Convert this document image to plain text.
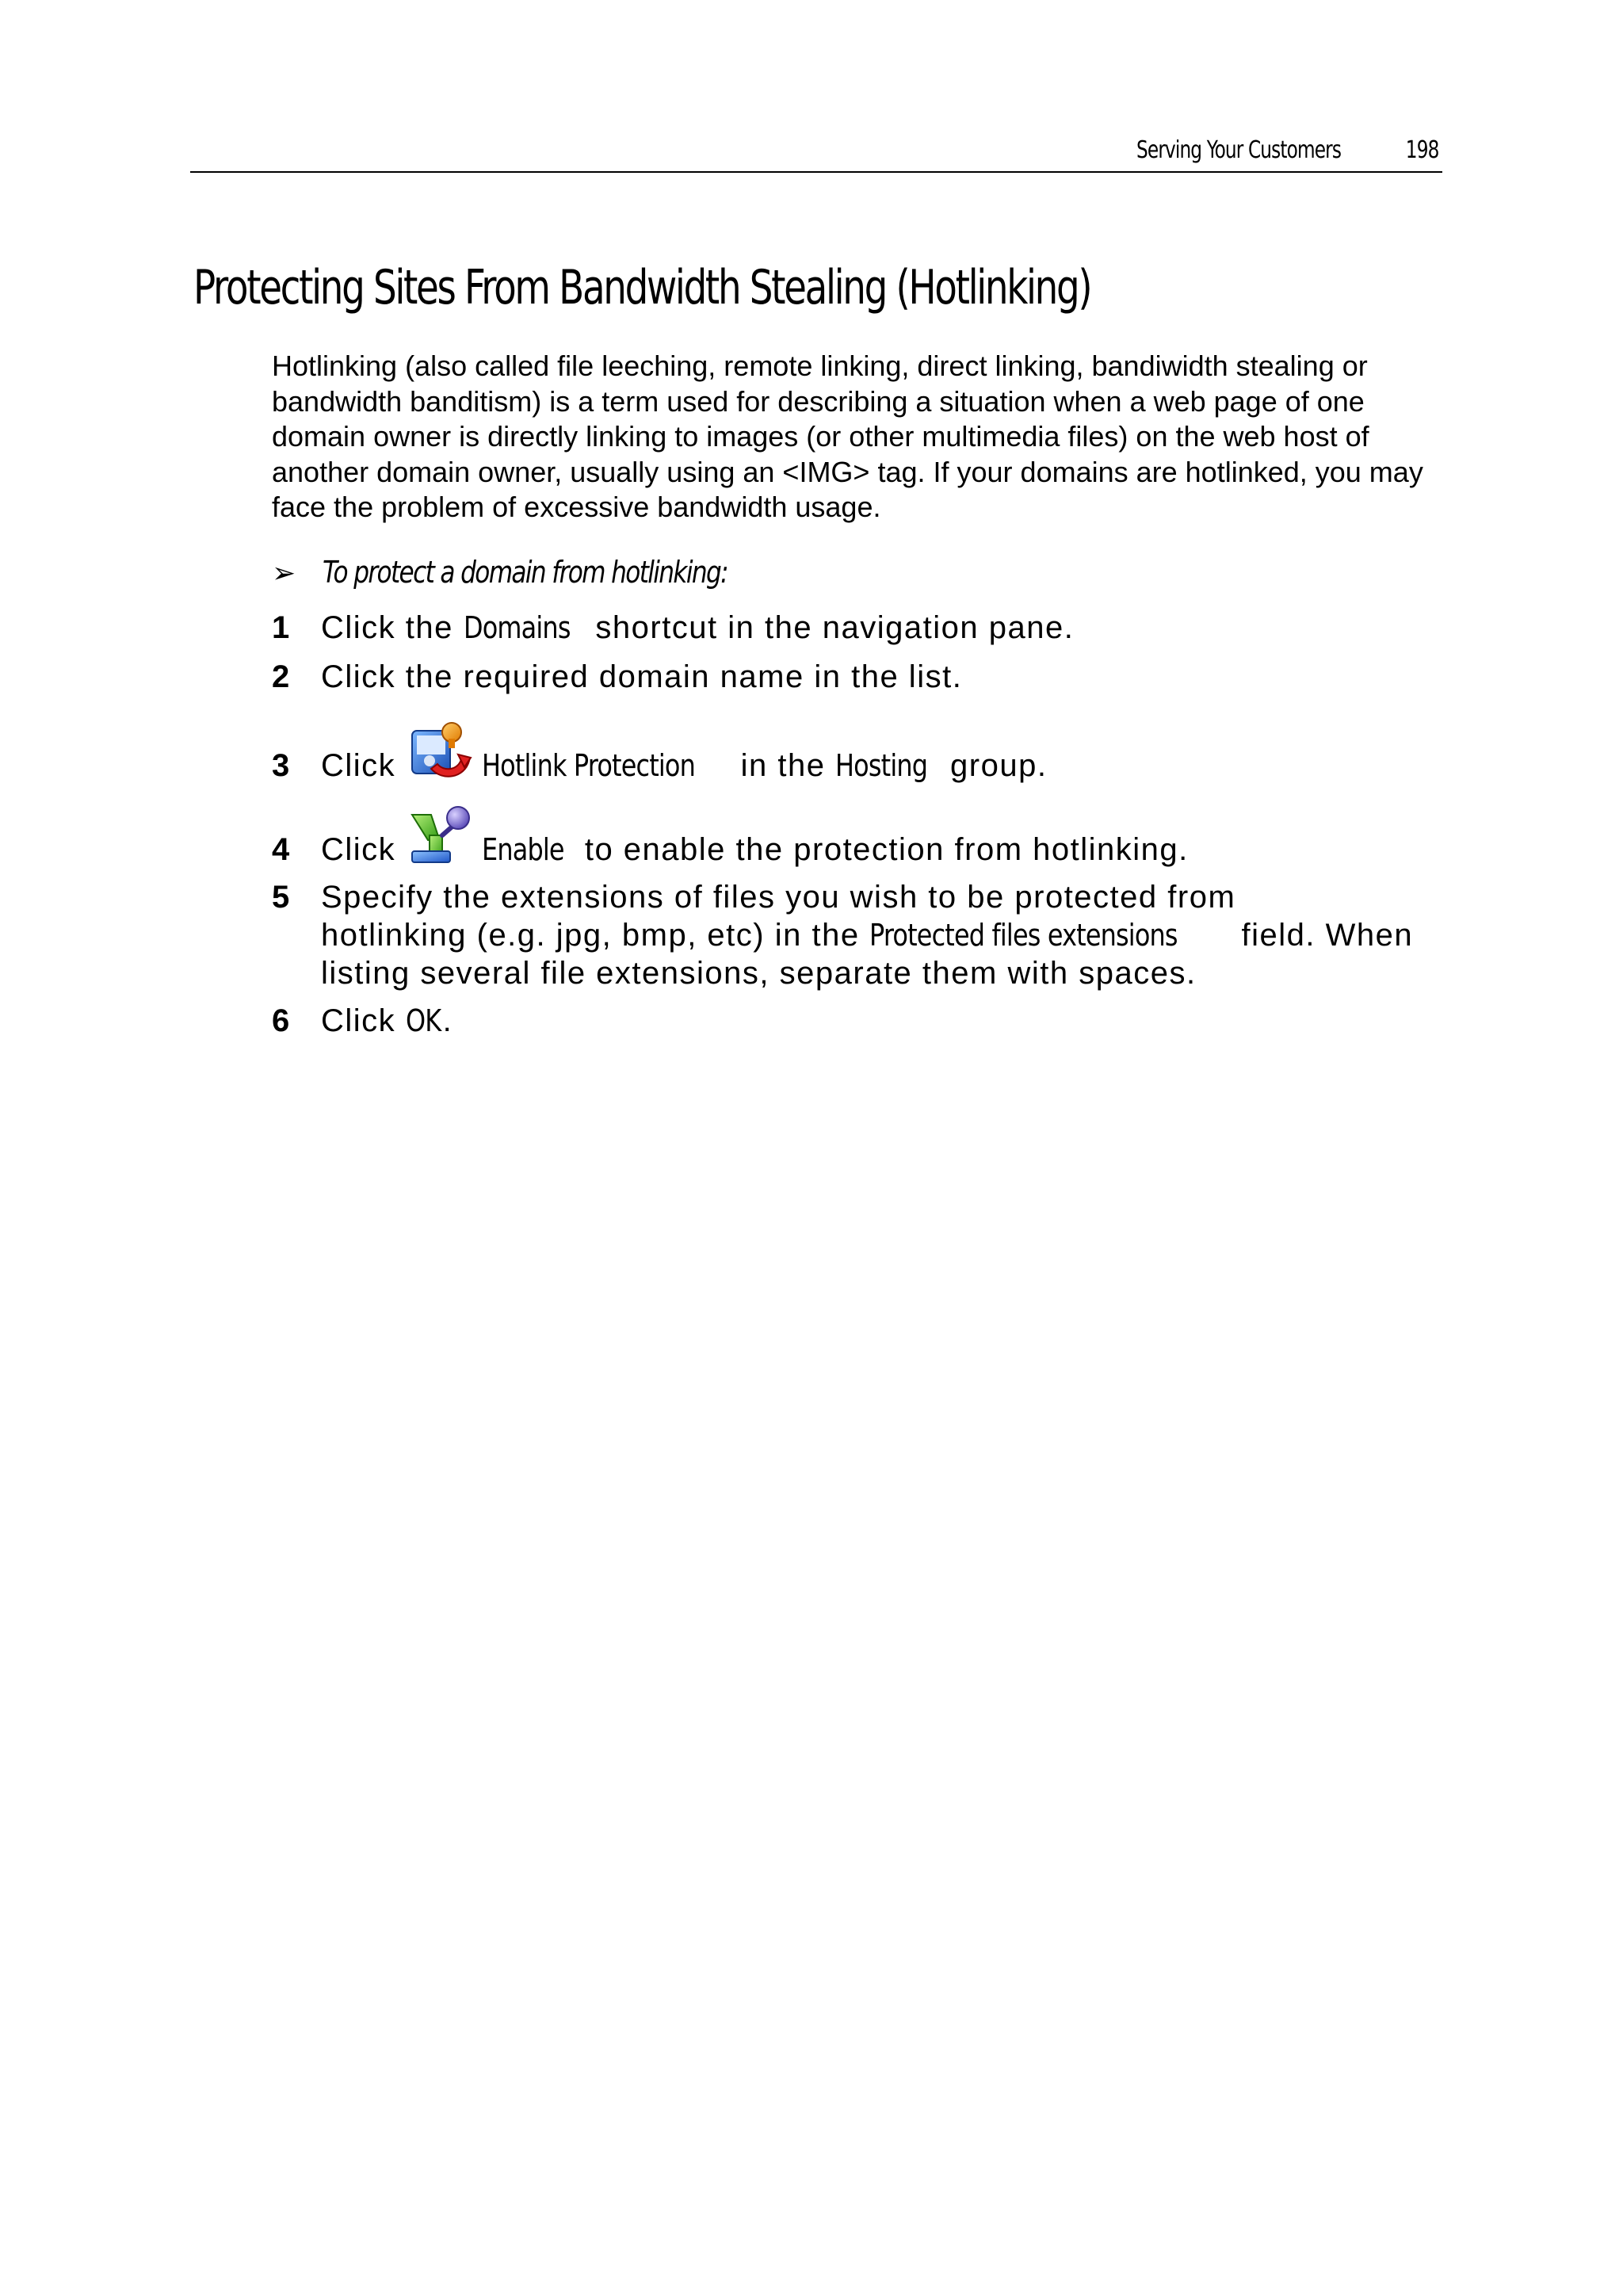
Serving Your Customers	198
Protecting Sites From Bandwidth Stealing (Hotlinking)

Hotlinking (also called file leeching, remote linking, direct linking, bandiwidth stealing or bandwidth banditism) is a term used for describing a situation when a web page of one domain owner is directly linking to images (or other multimedia files) on the web host of another domain owner, usually using an <IMG> tag. If your domains are hotlinked, you may face the problem of excessive bandwidth usage.

➢ To protect a domain from hotlinking:
1 Click the Domains shortcut in the navigation pane.
2 Click the required domain name in the list.
3 Click	Hotlink Protection in the Hosting group.
4 Click	Enable to enable the protection from hotlinking.
5 Specify the extensions of files you wish to be protected from
hotlinking (e.g. jpg, bmp, etc) in the Protected files extensions field. When
listing several file extensions, separate them with spaces.
6 Click OK.
